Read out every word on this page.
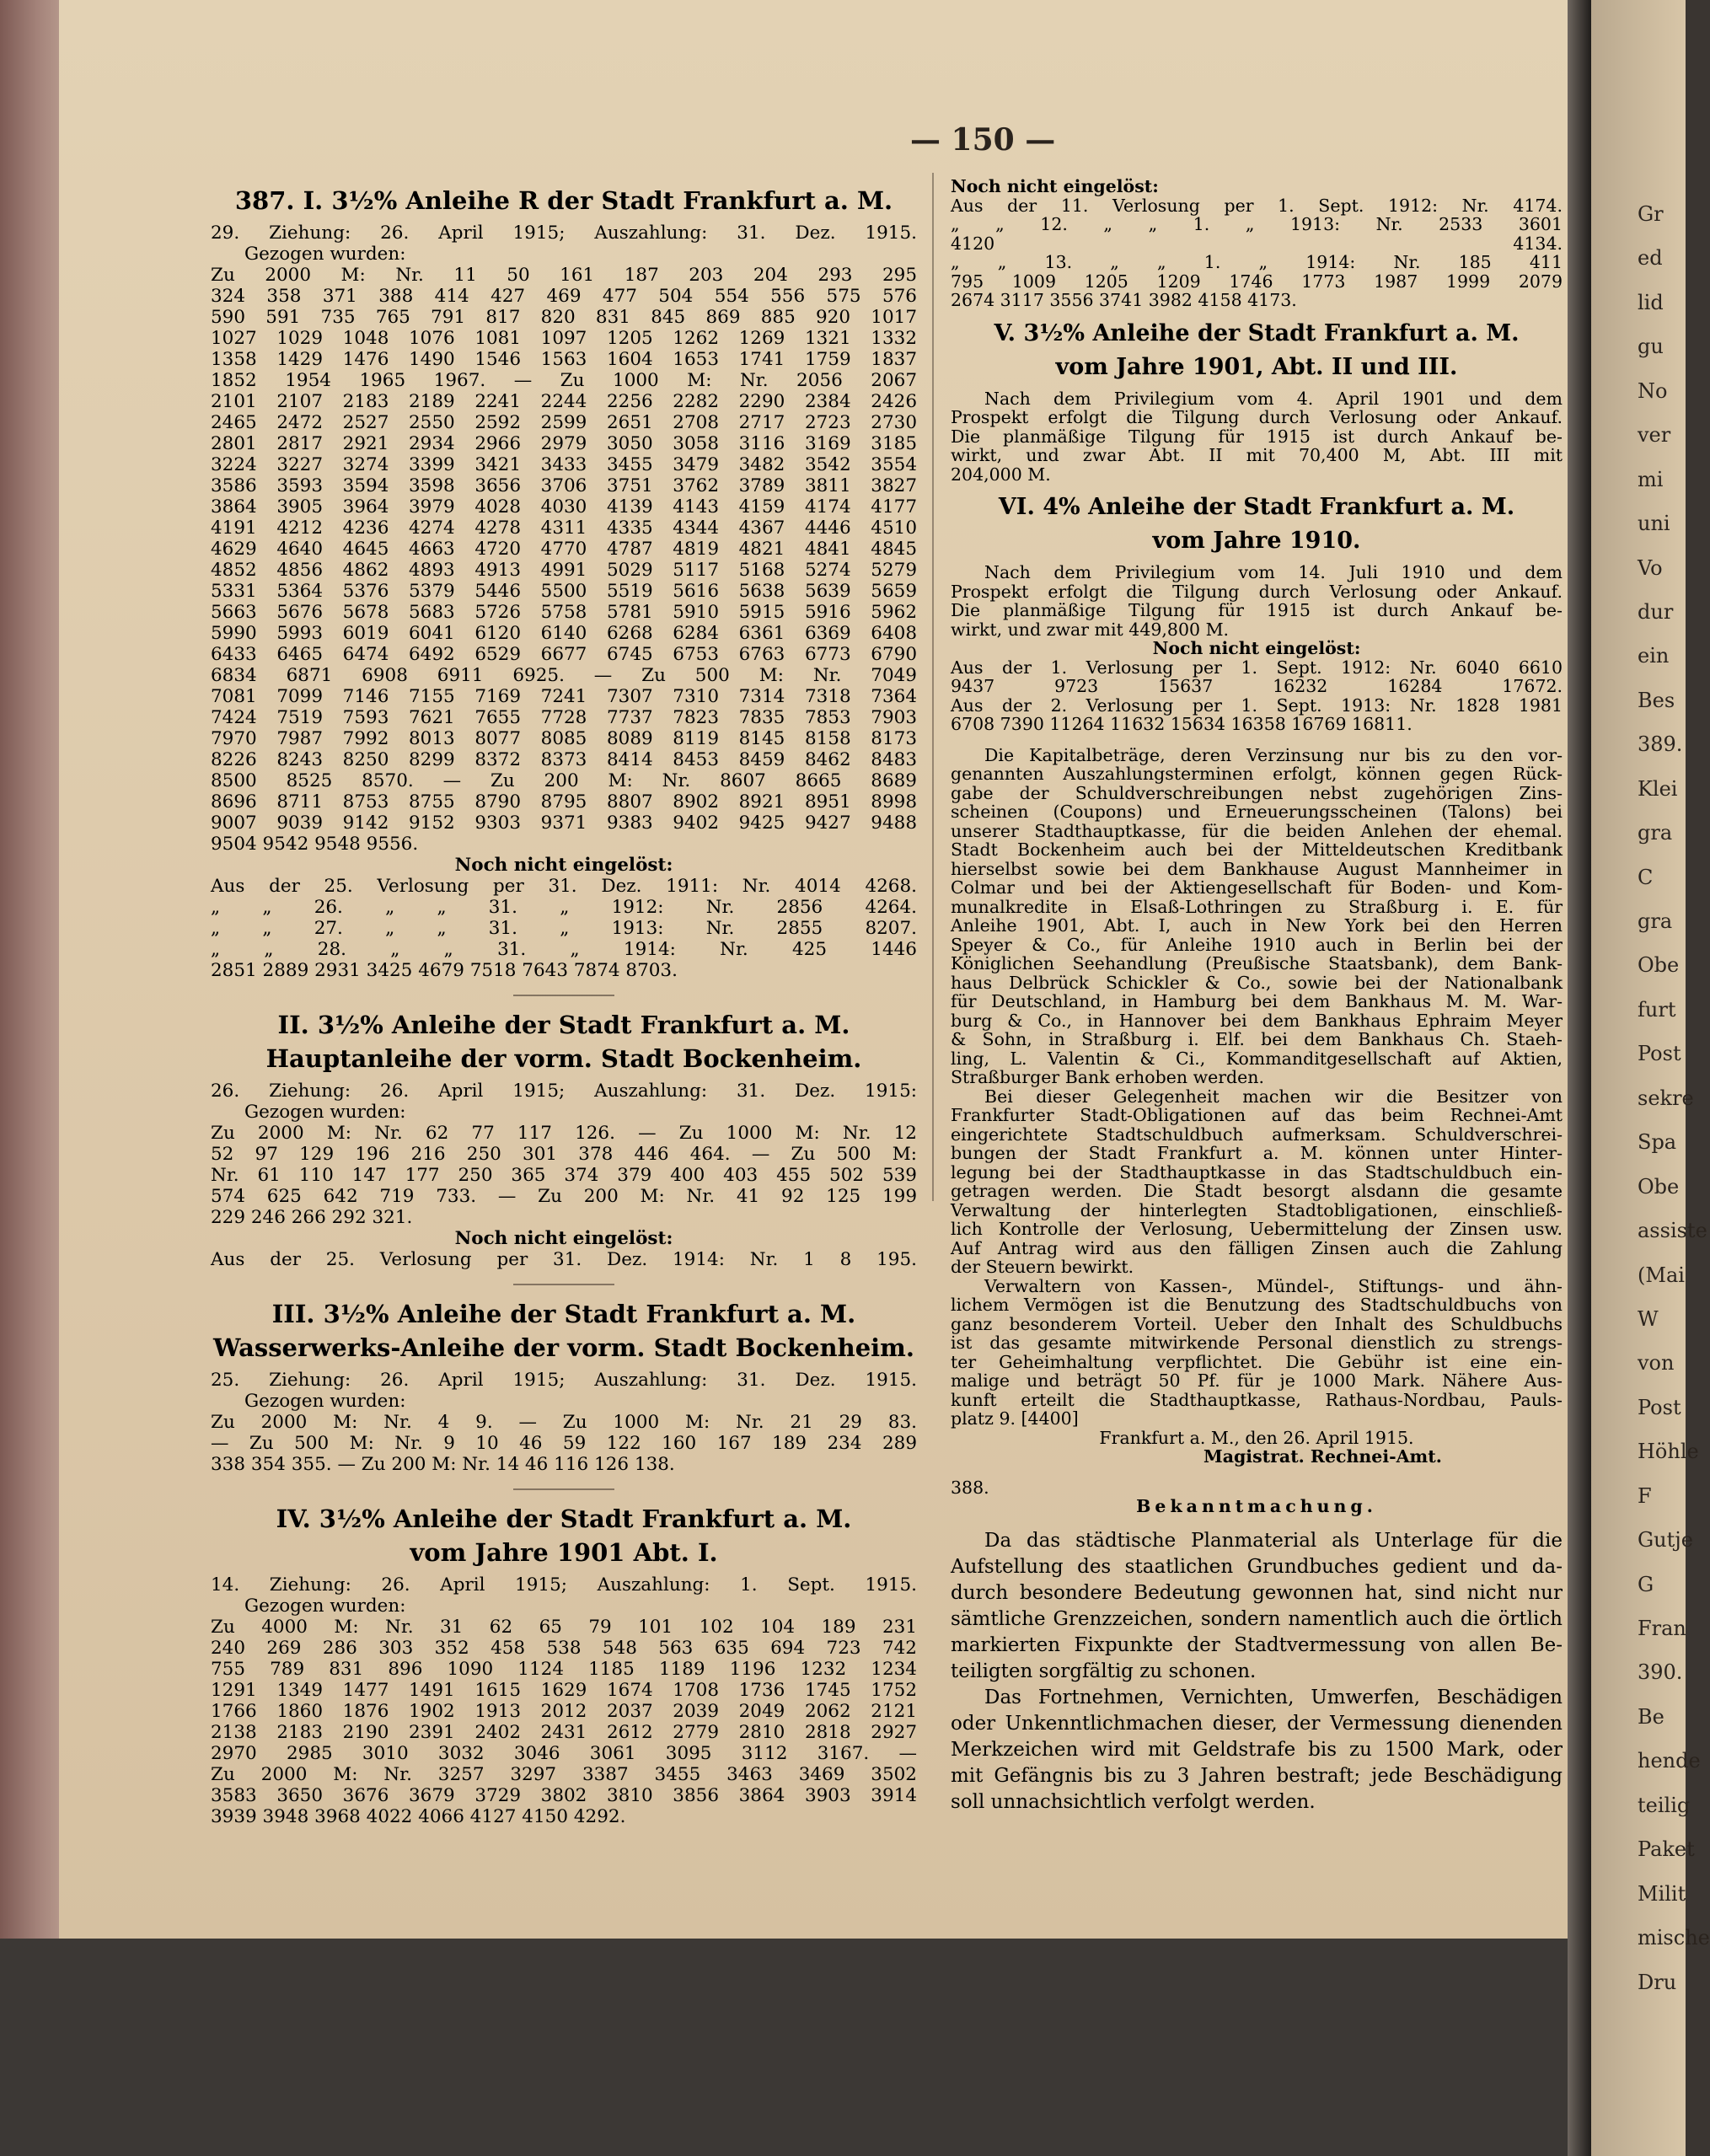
— 150 —
387. I. 3½% Anleihe R der Stadt Frankfurt a. M.
29. Ziehung: 26. April 1915; Auszahlung: 31. Dez. 1915.
Gezogen wurden:
Zu 2000 M: Nr. 11 50 161 187 203 204 293 295
324 358 371 388 414 427 469 477 504 554 556 575 576
590 591 735 765 791 817 820 831 845 869 885 920 1017
1027 1029 1048 1076 1081 1097 1205 1262 1269 1321 1332
1358 1429 1476 1490 1546 1563 1604 1653 1741 1759 1837
1852 1954 1965 1967. — Zu 1000 M: Nr. 2056 2067
2101 2107 2183 2189 2241 2244 2256 2282 2290 2384 2426
2465 2472 2527 2550 2592 2599 2651 2708 2717 2723 2730
2801 2817 2921 2934 2966 2979 3050 3058 3116 3169 3185
3224 3227 3274 3399 3421 3433 3455 3479 3482 3542 3554
3586 3593 3594 3598 3656 3706 3751 3762 3789 3811 3827
3864 3905 3964 3979 4028 4030 4139 4143 4159 4174 4177
4191 4212 4236 4274 4278 4311 4335 4344 4367 4446 4510
4629 4640 4645 4663 4720 4770 4787 4819 4821 4841 4845
4852 4856 4862 4893 4913 4991 5029 5117 5168 5274 5279
5331 5364 5376 5379 5446 5500 5519 5616 5638 5639 5659
5663 5676 5678 5683 5726 5758 5781 5910 5915 5916 5962
5990 5993 6019 6041 6120 6140 6268 6284 6361 6369 6408
6433 6465 6474 6492 6529 6677 6745 6753 6763 6773 6790
6834 6871 6908 6911 6925. — Zu 500 M: Nr. 7049
7081 7099 7146 7155 7169 7241 7307 7310 7314 7318 7364
7424 7519 7593 7621 7655 7728 7737 7823 7835 7853 7903
7970 7987 7992 8013 8077 8085 8089 8119 8145 8158 8173
8226 8243 8250 8299 8372 8373 8414 8453 8459 8462 8483
8500 8525 8570. — Zu 200 M: Nr. 8607 8665 8689
8696 8711 8753 8755 8790 8795 8807 8902 8921 8951 8998
9007 9039 9142 9152 9303 9371 9383 9402 9425 9427 9488
9504 9542 9548 9556.
Noch nicht eingelöst:
Aus der 25. Verlosung per 31. Dez. 1911: Nr. 4014 4268.
„ „ 26. „ „ 31. „ 1912: Nr. 2856 4264.
„ „ 27. „ „ 31. „ 1913: Nr. 2855 8207.
„ „ 28. „ „ 31. „ 1914: Nr. 425 1446
2851 2889 2931 3425 4679 7518 7643 7874 8703.
II. 3½% Anleihe der Stadt Frankfurt a. M.
Hauptanleihe der vorm. Stadt Bockenheim.
26. Ziehung: 26. April 1915; Auszahlung: 31. Dez. 1915:
Gezogen wurden:
Zu 2000 M: Nr. 62 77 117 126. — Zu 1000 M: Nr. 12
52 97 129 196 216 250 301 378 446 464. — Zu 500 M:
Nr. 61 110 147 177 250 365 374 379 400 403 455 502 539
574 625 642 719 733. — Zu 200 M: Nr. 41 92 125 199
229 246 266 292 321.
Noch nicht eingelöst:
Aus der 25. Verlosung per 31. Dez. 1914: Nr. 1 8 195.
III. 3½% Anleihe der Stadt Frankfurt a. M.
Wasserwerks-Anleihe der vorm. Stadt Bockenheim.
25. Ziehung: 26. April 1915; Auszahlung: 31. Dez. 1915.
Gezogen wurden:
Zu 2000 M: Nr. 4 9. — Zu 1000 M: Nr. 21 29 83.
— Zu 500 M: Nr. 9 10 46 59 122 160 167 189 234 289
338 354 355. — Zu 200 M: Nr. 14 46 116 126 138.
IV. 3½% Anleihe der Stadt Frankfurt a. M.
vom Jahre 1901 Abt. I.
14. Ziehung: 26. April 1915; Auszahlung: 1. Sept. 1915.
Gezogen wurden:
Zu 4000 M: Nr. 31 62 65 79 101 102 104 189 231
240 269 286 303 352 458 538 548 563 635 694 723 742
755 789 831 896 1090 1124 1185 1189 1196 1232 1234
1291 1349 1477 1491 1615 1629 1674 1708 1736 1745 1752
1766 1860 1876 1902 1913 2012 2037 2039 2049 2062 2121
2138 2183 2190 2391 2402 2431 2612 2779 2810 2818 2927
2970 2985 3010 3032 3046 3061 3095 3112 3167. —
Zu 2000 M: Nr. 3257 3297 3387 3455 3463 3469 3502
3583 3650 3676 3679 3729 3802 3810 3856 3864 3903 3914
3939 3948 3968 4022 4066 4127 4150 4292.
Noch nicht eingelöst:
Aus der 11. Verlosung per 1. Sept. 1912: Nr. 4174.
„ „ 12. „ „ 1. „ 1913: Nr. 2533 3601
4120 4134.
„ „ 13. „ „ 1. „ 1914: Nr. 185 411
795 1009 1205 1209 1746 1773 1987 1999 2079
2674 3117 3556 3741 3982 4158 4173.
V. 3½% Anleihe der Stadt Frankfurt a. M.
vom Jahre 1901, Abt. II und III.
Nach dem Privilegium vom 4. April 1901 und dem
Prospekt erfolgt die Tilgung durch Verlosung oder Ankauf.
Die planmäßige Tilgung für 1915 ist durch Ankauf be-
wirkt, und zwar Abt. II mit 70,400 M, Abt. III mit
204,000 M.
VI. 4% Anleihe der Stadt Frankfurt a. M.
vom Jahre 1910.
Nach dem Privilegium vom 14. Juli 1910 und dem
Prospekt erfolgt die Tilgung durch Verlosung oder Ankauf.
Die planmäßige Tilgung für 1915 ist durch Ankauf be-
wirkt, und zwar mit 449,800 M.
Noch nicht eingelöst:
Aus der 1. Verlosung per 1. Sept. 1912: Nr. 6040 6610
9437 9723 15637 16232 16284 17672.
Aus der 2. Verlosung per 1. Sept. 1913: Nr. 1828 1981
6708 7390 11264 11632 15634 16358 16769 16811.
Die Kapitalbeträge, deren Verzinsung nur bis zu den vor-
genannten Auszahlungsterminen erfolgt, können gegen Rück-
gabe der Schuldverschreibungen nebst zugehörigen Zins-
scheinen (Coupons) und Erneuerungsscheinen (Talons) bei
unserer Stadthauptkasse, für die beiden Anlehen der ehemal.
Stadt Bockenheim auch bei der Mitteldeutschen Kreditbank
hierselbst sowie bei dem Bankhause August Mannheimer in
Colmar und bei der Aktiengesellschaft für Boden- und Kom-
munalkredite in Elsaß-Lothringen zu Straßburg i. E. für
Anleihe 1901, Abt. I, auch in New York bei den Herren
Speyer & Co., für Anleihe 1910 auch in Berlin bei der
Königlichen Seehandlung (Preußische Staatsbank), dem Bank-
haus Delbrück Schickler & Co., sowie bei der Nationalbank
für Deutschland, in Hamburg bei dem Bankhaus M. M. War-
burg & Co., in Hannover bei dem Bankhaus Ephraim Meyer
& Sohn, in Straßburg i. Elf. bei dem Bankhaus Ch. Staeh-
ling, L. Valentin & Ci., Kommanditgesellschaft auf Aktien,
Straßburger Bank erhoben werden.
Bei dieser Gelegenheit machen wir die Besitzer von
Frankfurter Stadt-Obligationen auf das beim Rechnei-Amt
eingerichtete Stadtschuldbuch aufmerksam. Schuldverschrei-
bungen der Stadt Frankfurt a. M. können unter Hinter-
legung bei der Stadthauptkasse in das Stadtschuldbuch ein-
getragen werden. Die Stadt besorgt alsdann die gesamte
Verwaltung der hinterlegten Stadtobligationen, einschließ-
lich Kontrolle der Verlosung, Uebermittelung der Zinsen usw.
Auf Antrag wird aus den fälligen Zinsen auch die Zahlung
der Steuern bewirkt.
Verwaltern von Kassen-, Mündel-, Stiftungs- und ähn-
lichem Vermögen ist die Benutzung des Stadtschuldbuchs von
ganz besonderem Vorteil. Ueber den Inhalt des Schuldbuchs
ist das gesamte mitwirkende Personal dienstlich zu strengs-
ter Geheimhaltung verpflichtet. Die Gebühr ist eine ein-
malige und beträgt 50 Pf. für je 1000 Mark. Nähere Aus-
kunft erteilt die Stadthauptkasse, Rathaus-Nordbau, Pauls-
platz 9. [4400]
Frankfurt a. M., den 26. April 1915.
Magistrat. Rechnei-Amt.
388.
Bekanntmachung.
Da das städtische Planmaterial als Unterlage für die
Aufstellung des staatlichen Grundbuches gedient und da-
durch besondere Bedeutung gewonnen hat, sind nicht nur
sämtliche Grenzzeichen, sondern namentlich auch die örtlich
markierten Fixpunkte der Stadtvermessung von allen Be-
teiligten sorgfältig zu schonen.
Das Fortnehmen, Vernichten, Umwerfen, Beschädigen
oder Unkenntlichmachen dieser, der Vermessung dienenden
Merkzeichen wird mit Geldstrafe bis zu 1500 Mark, oder
mit Gefängnis bis zu 3 Jahren bestraft; jede Beschädigung
soll unnachsichtlich verfolgt werden.
Gr
ed
lid
gu
No
ver
mi
uni
Vo
dur
ein
Bes
389.
Klei
gra
C
gra
Obe
furt
Post
sekre
Spa
Obe
assiste
(Mai
W
von
Post
Höhle
F
Gutje
G
Fran
390.
Be
hende
teilig
Paket
Milit
mische
Dru
